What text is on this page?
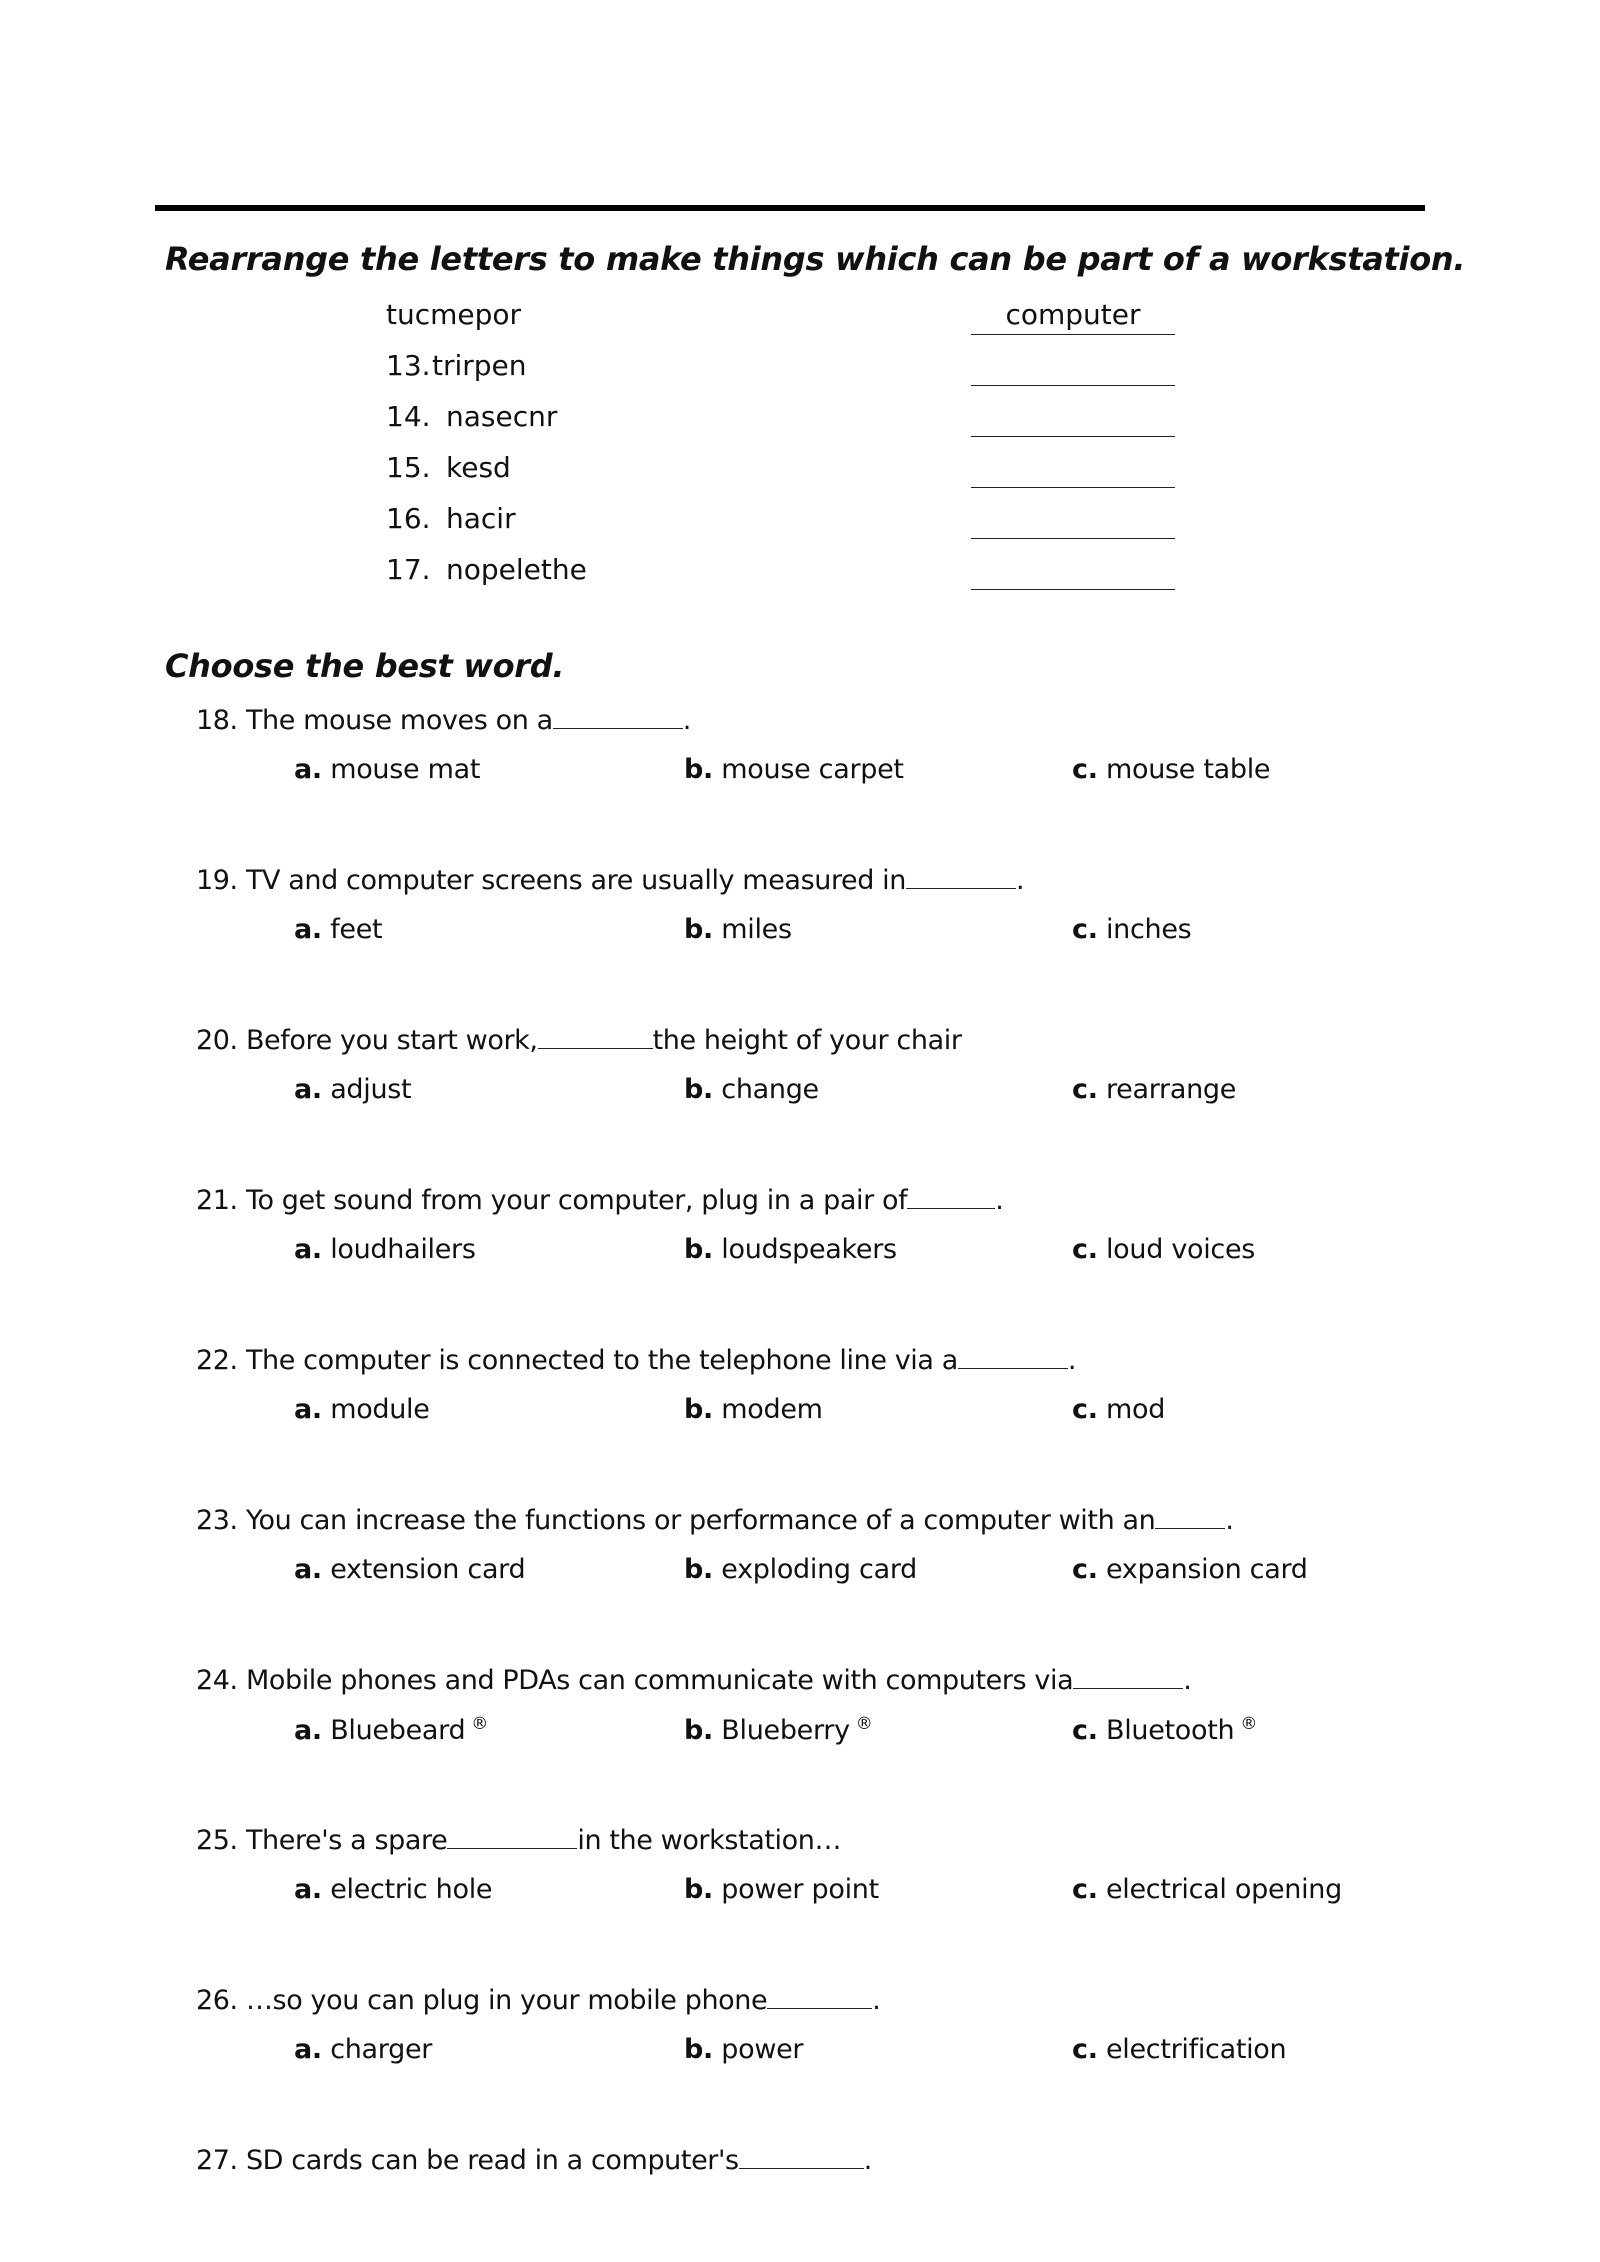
Rearrange the letters to make things which can be part of a workstation.
tucmepor	computer
13. trirpen
14. nasecnr
15. kesd
16. hacir
17. nopelethe
Choose the best word.
18. The mouse moves on a	.
a. mouse mat	b. mouse carpet	c. mouse table
19. TV and computer screens are usually measured in	.
a. feet	b. miles	c. inches
20. Before you start work,	the height of your chair
a. adjust	b. change	c. rearrange
21. To get sound from your computer, plug in a pair of	.
a. loudhailers	b. loudspeakers	c. loud voices
22. The computer is connected to the telephone line via a	.
a. module	b. modem	c. mod
23. You can increase the functions or performance of a computer with an	.
a. extension card	b. exploding card	c. expansion card
24. Mobile phones and PDAs can communicate with computers via	.
a. Bluebeard ®	b. Blueberry ®	c. Bluetooth ®
25. There's a spare	in the workstation…
a. electric hole	b. power point	c. electrical opening
26. …so you can plug in your mobile phone	.
a. charger	b. power	c. electrification
27. SD cards can be read in a computer's	.
